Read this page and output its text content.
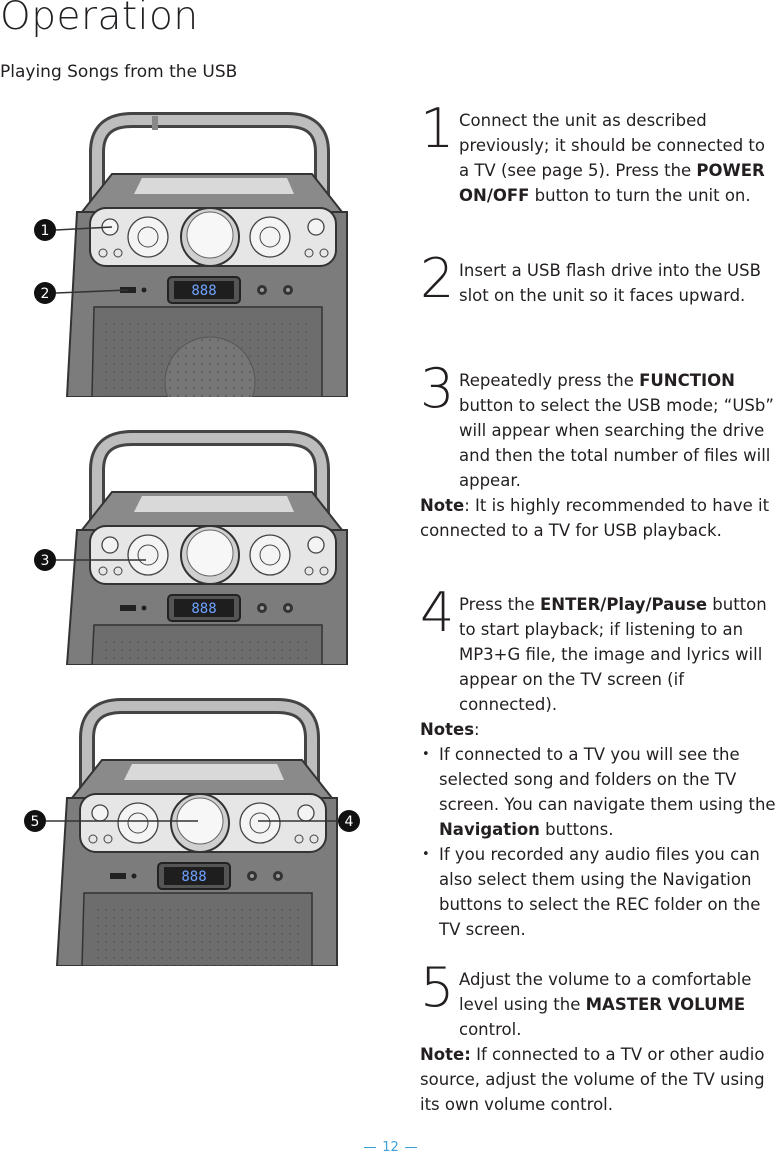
Operation
Playing Songs from the USB
888
1
2
888
3
888
5	4
1 Connect the unit as described previously; it should be connected to a TV (see page 5). Press the POWER ON/OFF button to turn the unit on.
2 Insert a USB flash drive into the USB slot on the unit so it faces upward.
3 Repeatedly press the FUNCTION button to select the USB mode; “USb” will appear when searching the drive and then the total number of files will appear.
Note: It is highly recommended to have it connected to a TV for USB playback.
4 Press the ENTER/Play/Pause button to start playback; if listening to an MP3+G file, the image and lyrics will appear on the TV screen (if connected).
Notes:
• If connected to a TV you will see the selected song and folders on the TV screen. You can navigate them using the Navigation buttons.
• If you recorded any audio files you can also select them using the Navigation buttons to select the REC folder on the TV screen.
5 Adjust the volume to a comfortable level using the MASTER VOLUME control.
Note: If connected to a TV or other audio source, adjust the volume of the TV using its own volume control.
12
